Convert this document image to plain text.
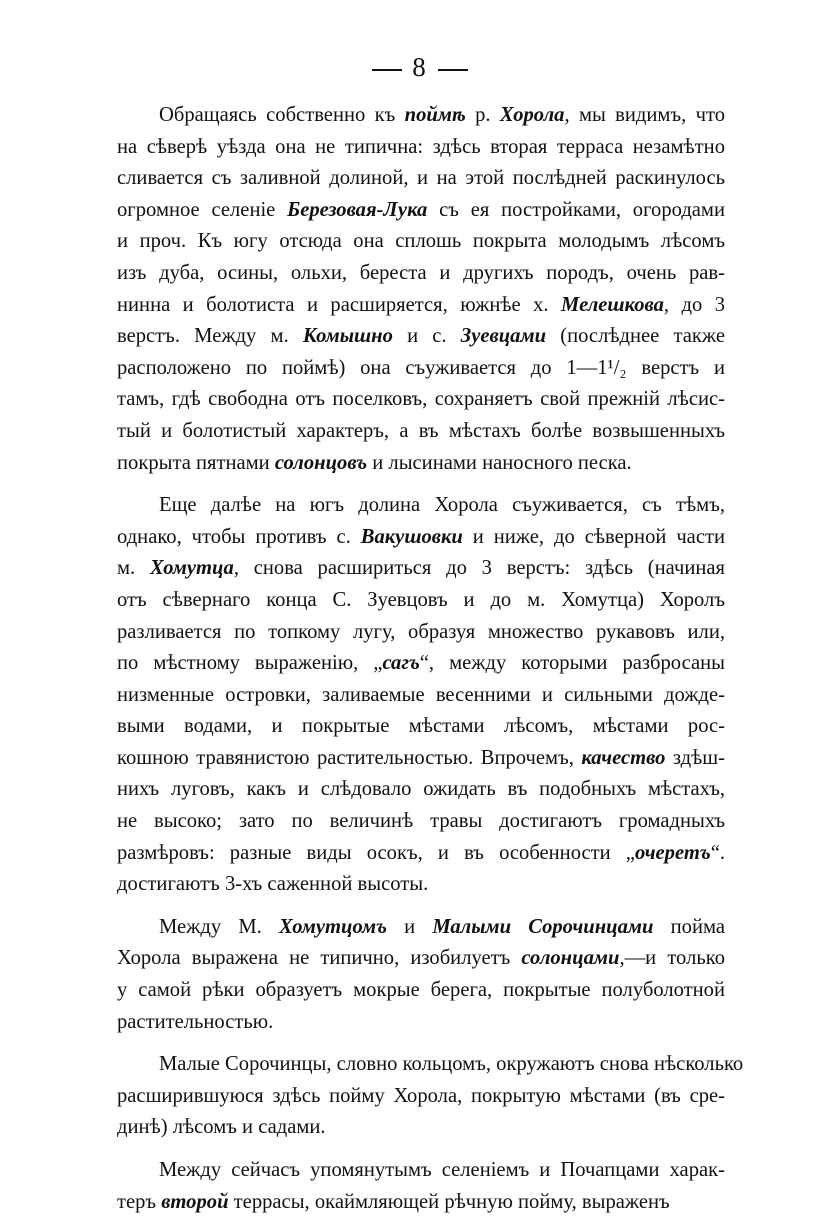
8
Обращаясь собственно къ поймѣ р. Хорола, мы видимъ, что
на сѣверѣ уѣзда она не типична: здѣсь вторая терраса незамѣтно
сливается съ заливной долиной, и на этой послѣдней раскинулось
огромное селеніе Березовая-Лука съ ея постройками, огородами
и проч. Къ югу отсюда она сплошь покрыта молодымъ лѣсомъ
изъ дуба, осины, ольхи, береста и другихъ породъ, очень рав-
нинна и болотиста и расширяется, южнѣе х. Мелешкова, до 3
верстъ. Между м. Комышно и с. Зуевцами (послѣднее также
расположено по поймѣ) она съуживается до 1—1¹/₂ верстъ и
тамъ, гдѣ свободна отъ поселковъ, сохраняетъ свой прежній лѣсис-
тый и болотистый характеръ, а въ мѣстахъ болѣе возвышенныхъ
покрыта пятнами солонцовъ и лысинами наносного песка.
Еще далѣе на югъ долина Хорола съуживается, съ тѣмъ,
однако, чтобы противъ с. Вакушовки и ниже, до сѣверной части
м. Хомутца, снова расшириться до 3 верстъ: здѣсь (начиная
отъ сѣвернаго конца С. Зуевцовъ и до м. Хомутца) Хоролъ
разливается по топкому лугу, образуя множество рукавовъ или,
по мѣстному выраженію, „сагъ“, между которыми разбросаны
низменные островки, заливаемые весенними и сильными дожде-
выми водами, и покрытые мѣстами лѣсомъ, мѣстами рос-
кошною травянистою растительностью. Впрочемъ, качество здѣш-
нихъ луговъ, какъ и слѣдовало ожидать въ подобныхъ мѣстахъ,
не высоко; зато по величинѣ травы достигаютъ громадныхъ
размѣровъ: разные виды осокъ, и въ особенности „очеретъ“.
достигаютъ 3-хъ саженной высоты.
Между М. Хомутцомъ и Малыми Сорочинцами пойма
Хорола выражена не типично, изобилуетъ солонцами,—и только
у самой рѣки образуетъ мокрые берега, покрытые полуболотной
растительностью.
Малые Сорочинцы, словно кольцомъ, окружаютъ снова нѣсколько
расширившуюся здѣсь пойму Хорола, покрытую мѣстами (въ сре-
динѣ) лѣсомъ и садами.
Между сейчасъ упомянутымъ селеніемъ и Почапцами харак-
теръ второй террасы, окаймляющей рѣчную пойму, выраженъ
